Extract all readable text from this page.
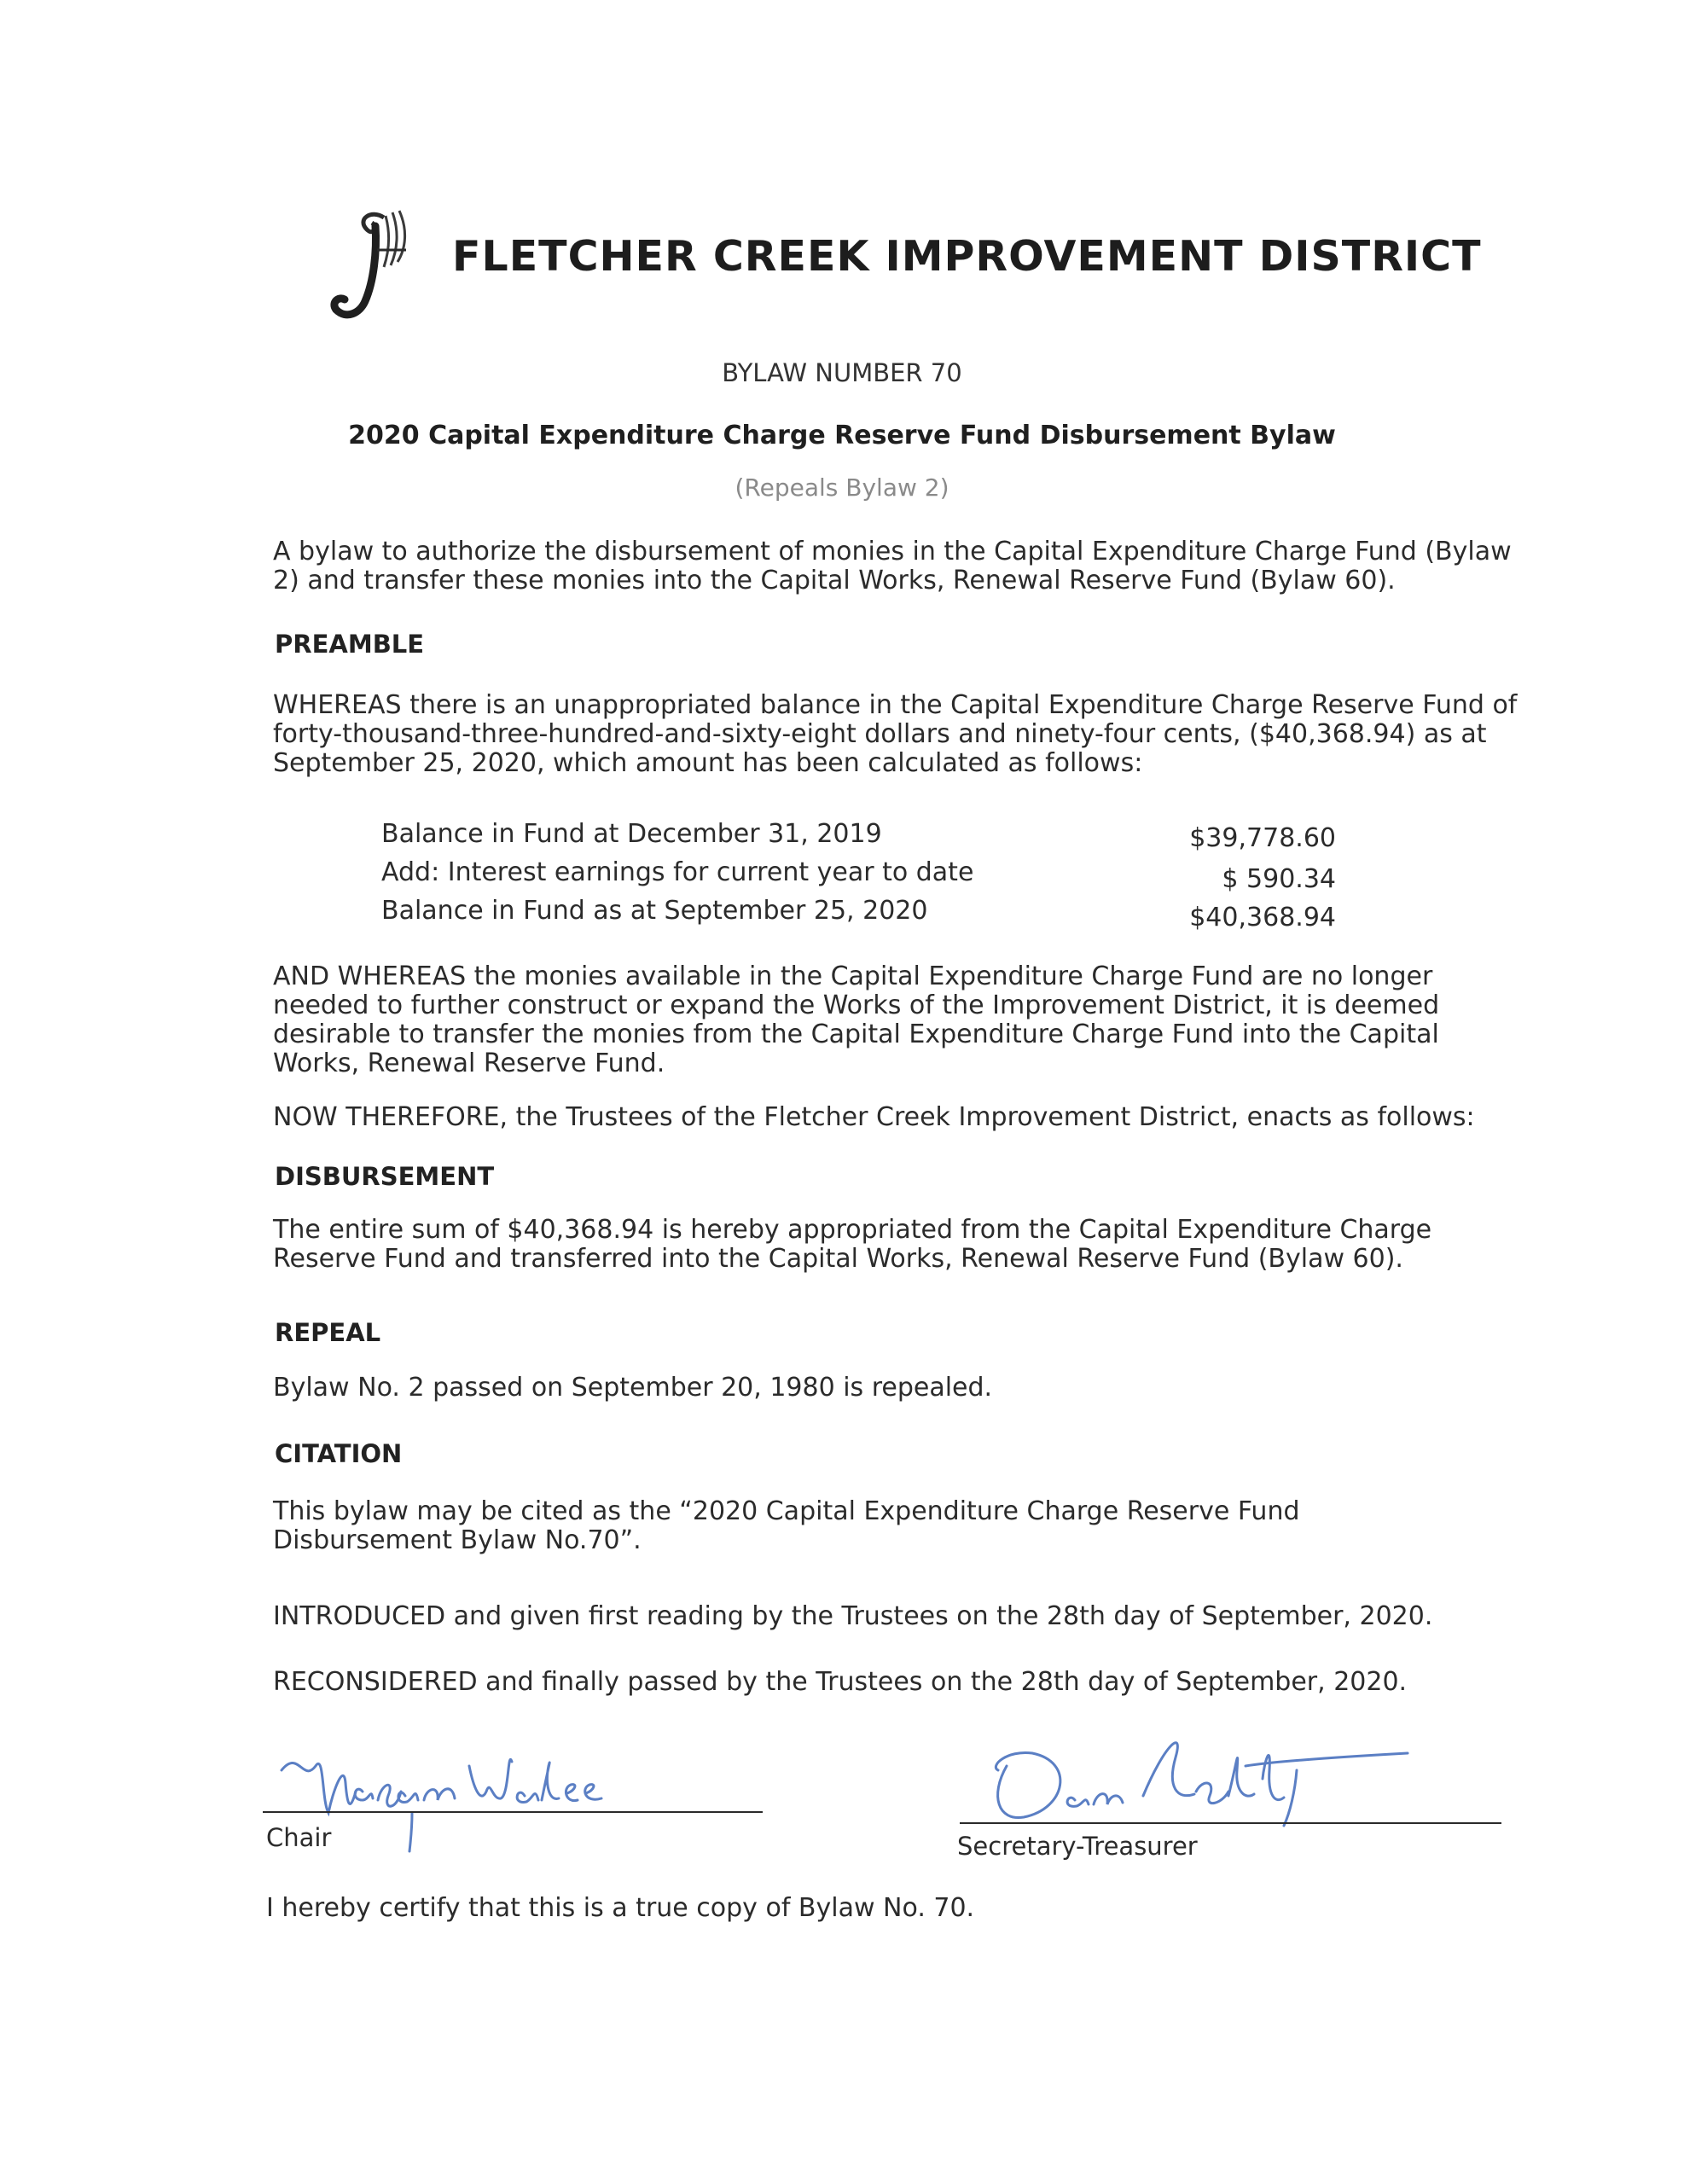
FLETCHER CREEK IMPROVEMENT DISTRICT
BYLAW NUMBER 70
2020 Capital Expenditure Charge Reserve Fund Disbursement Bylaw
(Repeals Bylaw 2)
A bylaw to authorize the disbursement of monies in the Capital Expenditure Charge Fund (Bylaw 2) and transfer these monies into the Capital Works, Renewal Reserve Fund (Bylaw 60).
PREAMBLE
WHEREAS there is an unappropriated balance in the Capital Expenditure Charge Reserve Fund of forty-thousand-three-hundred-and-sixty-eight dollars and ninety-four cents, ($40,368.94) as at September 25, 2020, which amount has been calculated as follows:
Balance in Fund at December 31, 2019	$39,778.60
Add: Interest earnings for current year to date	$ 590.34
Balance in Fund as at September 25, 2020	$40,368.94
AND WHEREAS the monies available in the Capital Expenditure Charge Fund are no longer needed to further construct or expand the Works of the Improvement District, it is deemed desirable to transfer the monies from the Capital Expenditure Charge Fund into the Capital Works, Renewal Reserve Fund.
NOW THEREFORE, the Trustees of the Fletcher Creek Improvement District, enacts as follows:
DISBURSEMENT
The entire sum of $40,368.94 is hereby appropriated from the Capital Expenditure Charge Reserve Fund and transferred into the Capital Works, Renewal Reserve Fund (Bylaw 60).
REPEAL
Bylaw No. 2 passed on September 20, 1980 is repealed.
CITATION
This bylaw may be cited as the “2020 Capital Expenditure Charge Reserve Fund Disbursement Bylaw No.70”.
INTRODUCED and given first reading by the Trustees on the 28th day of September, 2020.
RECONSIDERED and finally passed by the Trustees on the 28th day of September, 2020.
Chair	Secretary-Treasurer
I hereby certify that this is a true copy of Bylaw No. 70.
